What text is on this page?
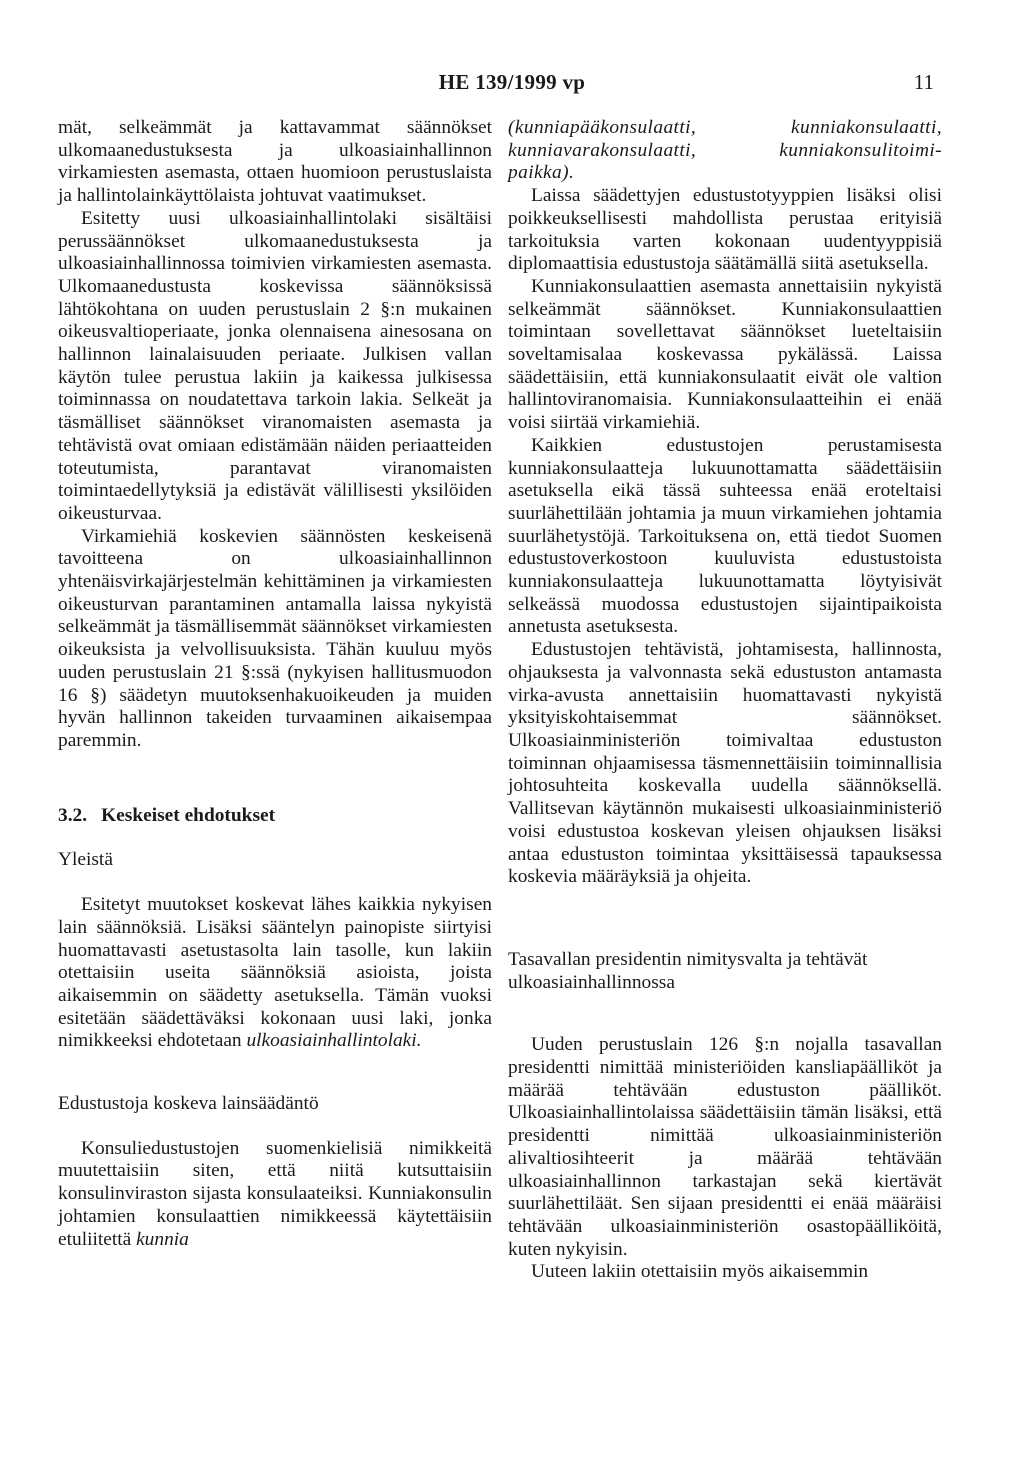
HE 139/1999 vp	11

mät, selkeämmät ja kattavammat säännökset ulkomaanedustuksesta ja ulkoasiainhallinnon virkamiesten asemasta, ottaen huomioon perustuslaista ja hallintolainkäyttölaista johtuvat vaatimukset.

Esitetty uusi ulkoasiainhallintolaki sisältäisi perussäännökset ulkomaanedustuksesta ja ulkoasiainhallinnossa toimivien virkamiesten asemasta. Ulkomaanedustusta koskevissa säännöksissä lähtökohtana on uuden perustuslain 2 §:n mukainen oikeusvaltioperiaate, jonka olennaisena ainesosana on hallinnon lainalaisuuden periaate. Julkisen vallan käytön tulee perustua lakiin ja kaikessa julkisessa toiminnassa on noudatettava tarkoin lakia. Selkeät ja täsmälliset säännökset viranomaisten asemasta ja tehtävistä ovat omiaan edistämään näiden periaatteiden toteutumista, parantavat viranomaisten toimintaedellytyksiä ja edistävät välillisesti yksilöiden oikeusturvaa.

Virkamiehiä koskevien säännösten keskeisenä tavoitteena on ulkoasiainhallinnon yhtenäisvirkajärjestelmän kehittäminen ja virkamiesten oikeusturvan parantaminen antamalla laissa nykyistä selkeämmät ja täsmällisemmät säännökset virkamiesten oikeuksista ja velvollisuuksista. Tähän kuuluu myös uuden perustuslain 21 §:ssä (nykyisen hallitusmuodon 16 §) säädetyn muutoksenhakuoikeuden ja muiden hyvän hallinnon takeiden turvaaminen aikaisempaa paremmin.

3.2. Keskeiset ehdotukset

Yleistä

Esitetyt muutokset koskevat lähes kaikkia nykyisen lain säännöksiä. Lisäksi sääntelyn painopiste siirtyisi huomattavasti asetustasolta lain tasolle, kun lakiin otettaisiin useita säännöksiä asioista, joista aikaisemmin on säädetty asetuksella. Tämän vuoksi esitetään säädettäväksi kokonaan uusi laki, jonka nimikkeeksi ehdotetaan ulkoasiainhallintolaki.

Edustustoja koskeva lainsäädäntö

Konsuliedustustojen suomenkielisiä nimikkeitä muutettaisiin siten, että niitä kutsuttaisiin konsulinviraston sijasta konsulaateiksi. Kunniakonsulin johtamien konsulaattien nimikkeessä käytettäisiin etuliitettä kunnia

(kunniapääkonsulaatti,	kunniakonsulaatti,
kunniavarakonsulaatti,	kunniakonsulitoimi-
paikka).

Laissa säädettyjen edustustotyyppien lisäksi olisi poikkeuksellisesti mahdollista perustaa erityisiä tarkoituksia varten kokonaan uudentyyppisiä diplomaattisia edustustoja säätämällä siitä asetuksella.

Kunniakonsulaattien asemasta annettaisiin nykyistä selkeämmät säännökset. Kunniakonsulaattien toimintaan sovellettavat säännökset lueteltaisiin soveltamisalaa koskevassa pykälässä. Laissa säädettäisiin, että kunniakonsulaatit eivät ole valtion hallintoviranomaisia. Kunniakonsulaatteihin ei enää voisi siirtää virkamiehiä.

Kaikkien edustustojen perustamisesta kunniakonsulaatteja lukuunottamatta säädettäisiin asetuksella eikä tässä suhteessa enää eroteltaisi suurlähettilään johtamia ja muun virkamiehen johtamia suurlähetystöjä. Tarkoituksena on, että tiedot Suomen edustustoverkostoon kuuluvista edustustoista kunniakonsulaatteja lukuunottamatta löytyisivät selkeässä muodossa edustustojen sijaintipaikoista annetusta asetuksesta.

Edustustojen tehtävistä, johtamisesta, hallinnosta, ohjauksesta ja valvonnasta sekä edustuston antamasta virka-avusta annettaisiin huomattavasti nykyistä yksityiskohtaisemmat säännökset. Ulkoasiainministeriön toimivaltaa edustuston toiminnan ohjaamisessa täsmennettäisiin toiminnallisia johtosuhteita koskevalla uudella säännöksellä. Vallitsevan käytännön mukaisesti ulkoasiainministeriö voisi edustustoa koskevan yleisen ohjauksen lisäksi antaa edustuston toimintaa yksittäisessä tapauksessa koskevia määräyksiä ja ohjeita.

Tasavallan presidentin nimitysvalta ja tehtävät ulkoasiainhallinnossa

Uuden perustuslain 126 §:n nojalla tasavallan presidentti nimittää ministeriöiden kansliapäälliköt ja määrää tehtävään edustuston päälliköt. Ulkoasiainhallintolaissa säädettäisiin tämän lisäksi, että presidentti nimittää ulkoasiainministeriön alivaltiosihteerit ja määrää tehtävään ulkoasiainhallinnon tarkastajan sekä kiertävät suurlähettiläät. Sen sijaan presidentti ei enää määräisi tehtävään ulkoasiainministeriön osastopäälliköitä, kuten nykyisin.

Uuteen lakiin otettaisiin myös aikaisemmin
